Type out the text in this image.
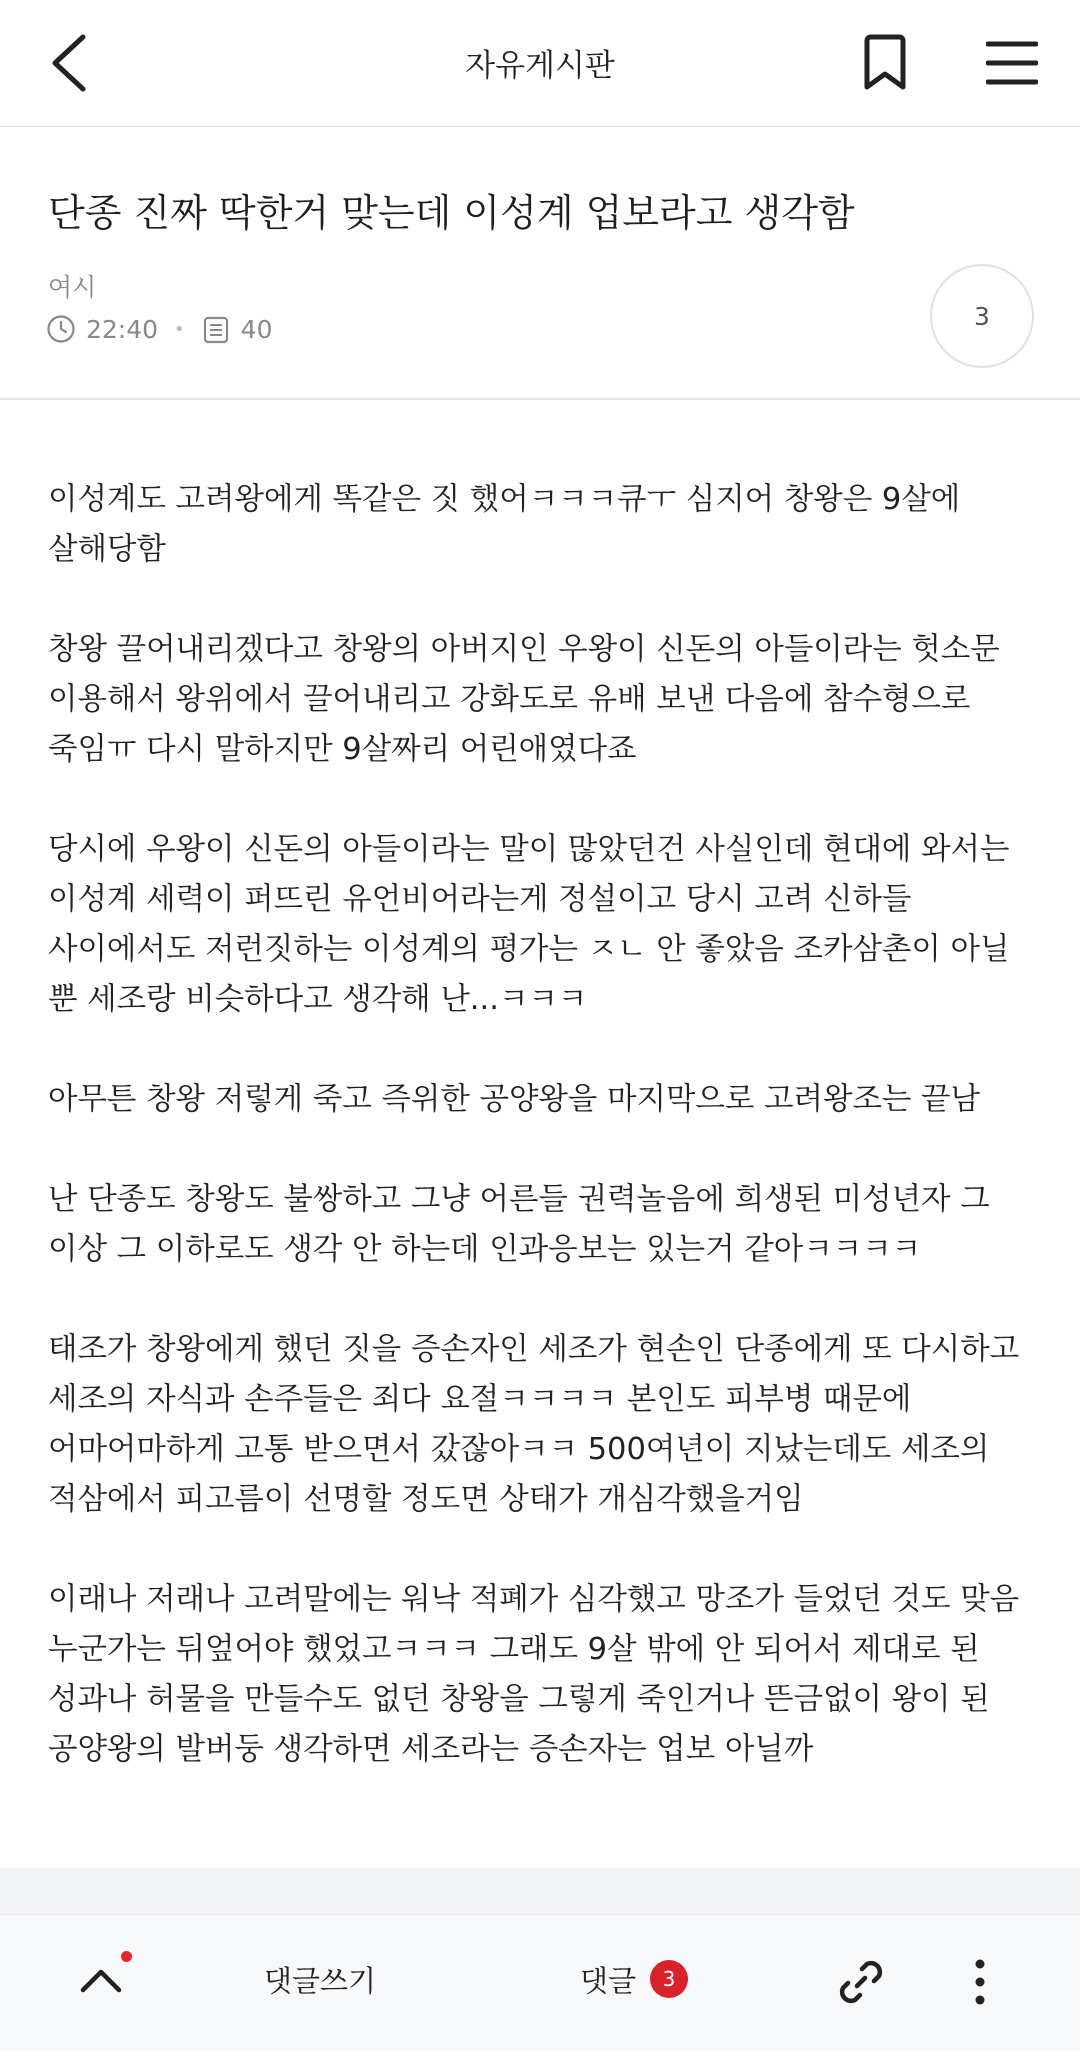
자유게시판
단종 진짜 딱한거 맞는데 이성계 업보라고 생각함
여시
22:40 • 40	3

이성계도 고려왕에게 똑같은 짓 했어ㅋㅋㅋ큐ㅜ 심지어 창왕은 9살에 살해당함

창왕 끌어내리겠다고 창왕의 아버지인 우왕이 신돈의 아들이라는 헛소문 이용해서 왕위에서 끌어내리고 강화도로 유배 보낸 다음에 참수형으로 죽임ㅠ 다시 말하지만 9살짜리 어린애였다죠

당시에 우왕이 신돈의 아들이라는 말이 많았던건 사실인데 현대에 와서는 이성계 세력이 퍼뜨린 유언비어라는게 정설이고 당시 고려 신하들 사이에서도 저런짓하는 이성계의 평가는 ㅈㄴ 안 좋았음 조카삼촌이 아닐 뿐 세조랑 비슷하다고 생각해 난...ㅋㅋㅋ

아무튼 창왕 저렇게 죽고 즉위한 공양왕을 마지막으로 고려왕조는 끝남

난 단종도 창왕도 불쌍하고 그냥 어른들 권력놀음에 희생된 미성년자 그 이상 그 이하로도 생각 안 하는데 인과응보는 있는거 같아ㅋㅋㅋㅋ

태조가 창왕에게 했던 짓을 증손자인 세조가 현손인 단종에게 또 다시하고 세조의 자식과 손주들은 죄다 요절ㅋㅋㅋㅋ 본인도 피부병 때문에 어마어마하게 고통 받으면서 갔잖아ㅋㅋ 500여년이 지났는데도 세조의 적삼에서 피고름이 선명할 정도면 상태가 개심각했을거임

이래나 저래나 고려말에는 워낙 적폐가 심각했고 망조가 들었던 것도 맞음 누군가는 뒤엎어야 했었고ㅋㅋㅋ 그래도 9살 밖에 안 되어서 제대로 된 성과나 허물을 만들수도 없던 창왕을 그렇게 죽인거나 뜬금없이 왕이 된 공양왕의 발버둥 생각하면 세조라는 증손자는 업보 아닐까

댓글쓰기	댓글	3
